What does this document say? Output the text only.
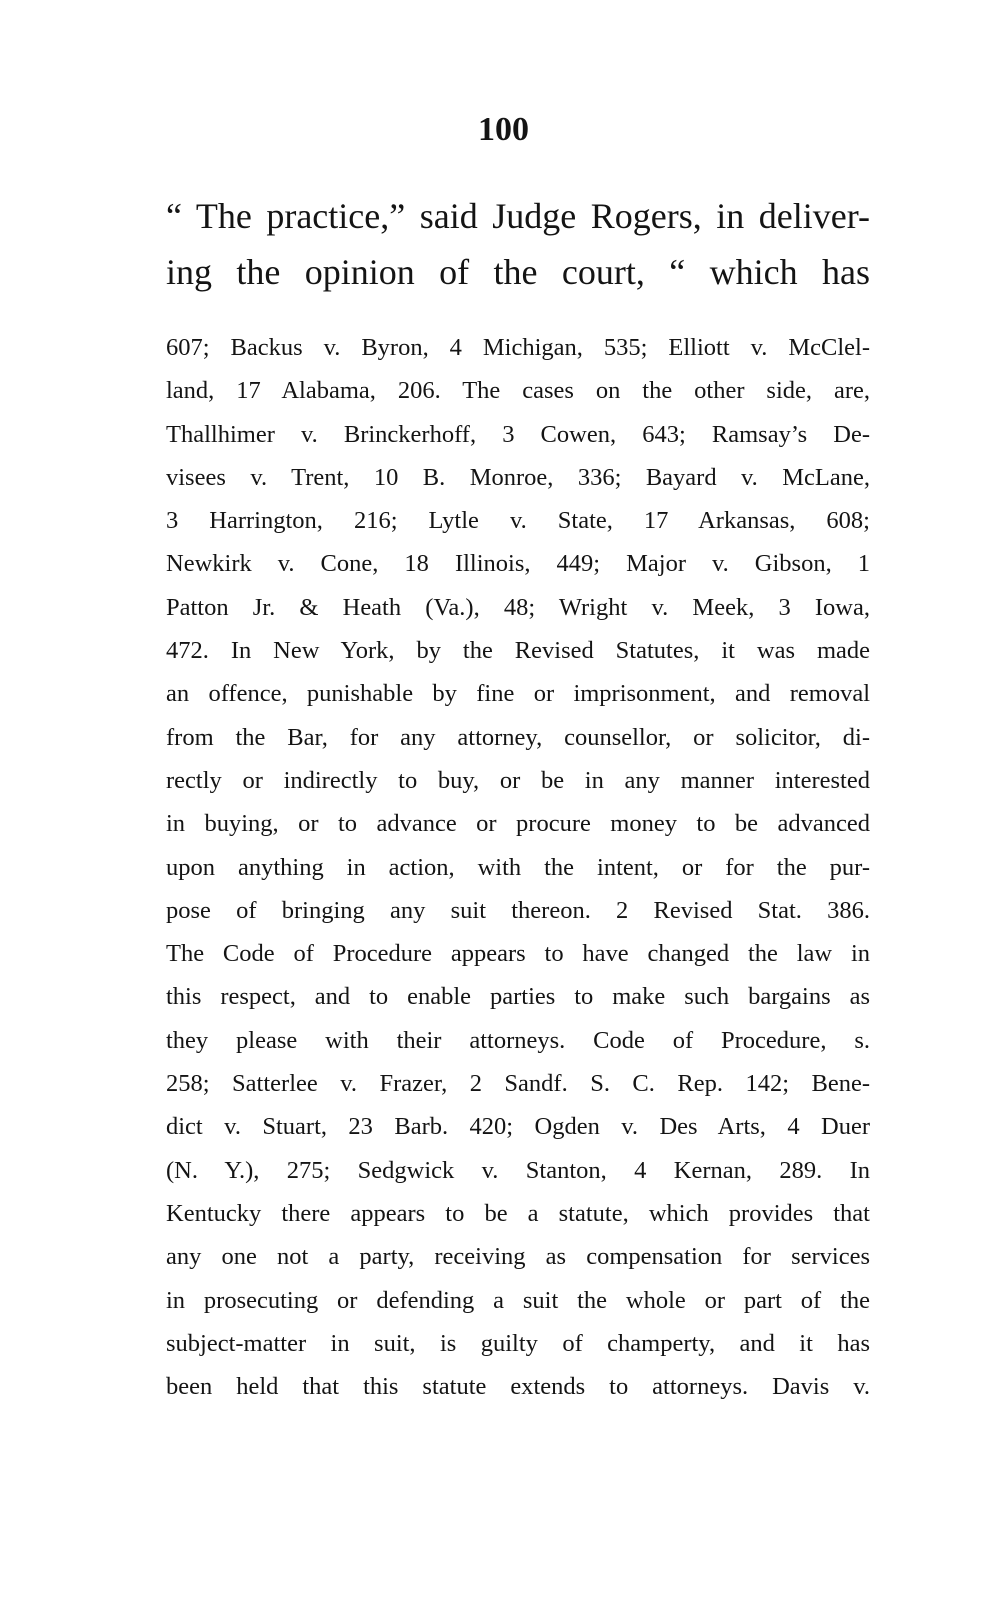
100
“ The practice,” said Judge Rogers, in deliver-
ing the opinion of the court, “ which has
607; Backus v. Byron, 4 Michigan, 535; Elliott v. McClel-
land, 17 Alabama, 206. The cases on the other side, are,
Thallhimer v. Brinckerhoff, 3 Cowen, 643; Ramsay’s De-
visees v. Trent, 10 B. Monroe, 336; Bayard v. McLane,
3 Harrington, 216; Lytle v. State, 17 Arkansas, 608;
Newkirk v. Cone, 18 Illinois, 449; Major v. Gibson, 1
Patton Jr. & Heath (Va.), 48; Wright v. Meek, 3 Iowa,
472. In New York, by the Revised Statutes, it was made
an offence, punishable by fine or imprisonment, and removal
from the Bar, for any attorney, counsellor, or solicitor, di-
rectly or indirectly to buy, or be in any manner interested
in buying, or to advance or procure money to be advanced
upon anything in action, with the intent, or for the pur-
pose of bringing any suit thereon. 2 Revised Stat. 386.
The Code of Procedure appears to have changed the law in
this respect, and to enable parties to make such bargains as
they please with their attorneys. Code of Procedure, s.
258; Satterlee v. Frazer, 2 Sandf. S. C. Rep. 142; Bene-
dict v. Stuart, 23 Barb. 420; Ogden v. Des Arts, 4 Duer
(N. Y.), 275; Sedgwick v. Stanton, 4 Kernan, 289. In
Kentucky there appears to be a statute, which provides that
any one not a party, receiving as compensation for services
in prosecuting or defending a suit the whole or part of the
subject-matter in suit, is guilty of champerty, and it has
been held that this statute extends to attorneys. Davis v.
